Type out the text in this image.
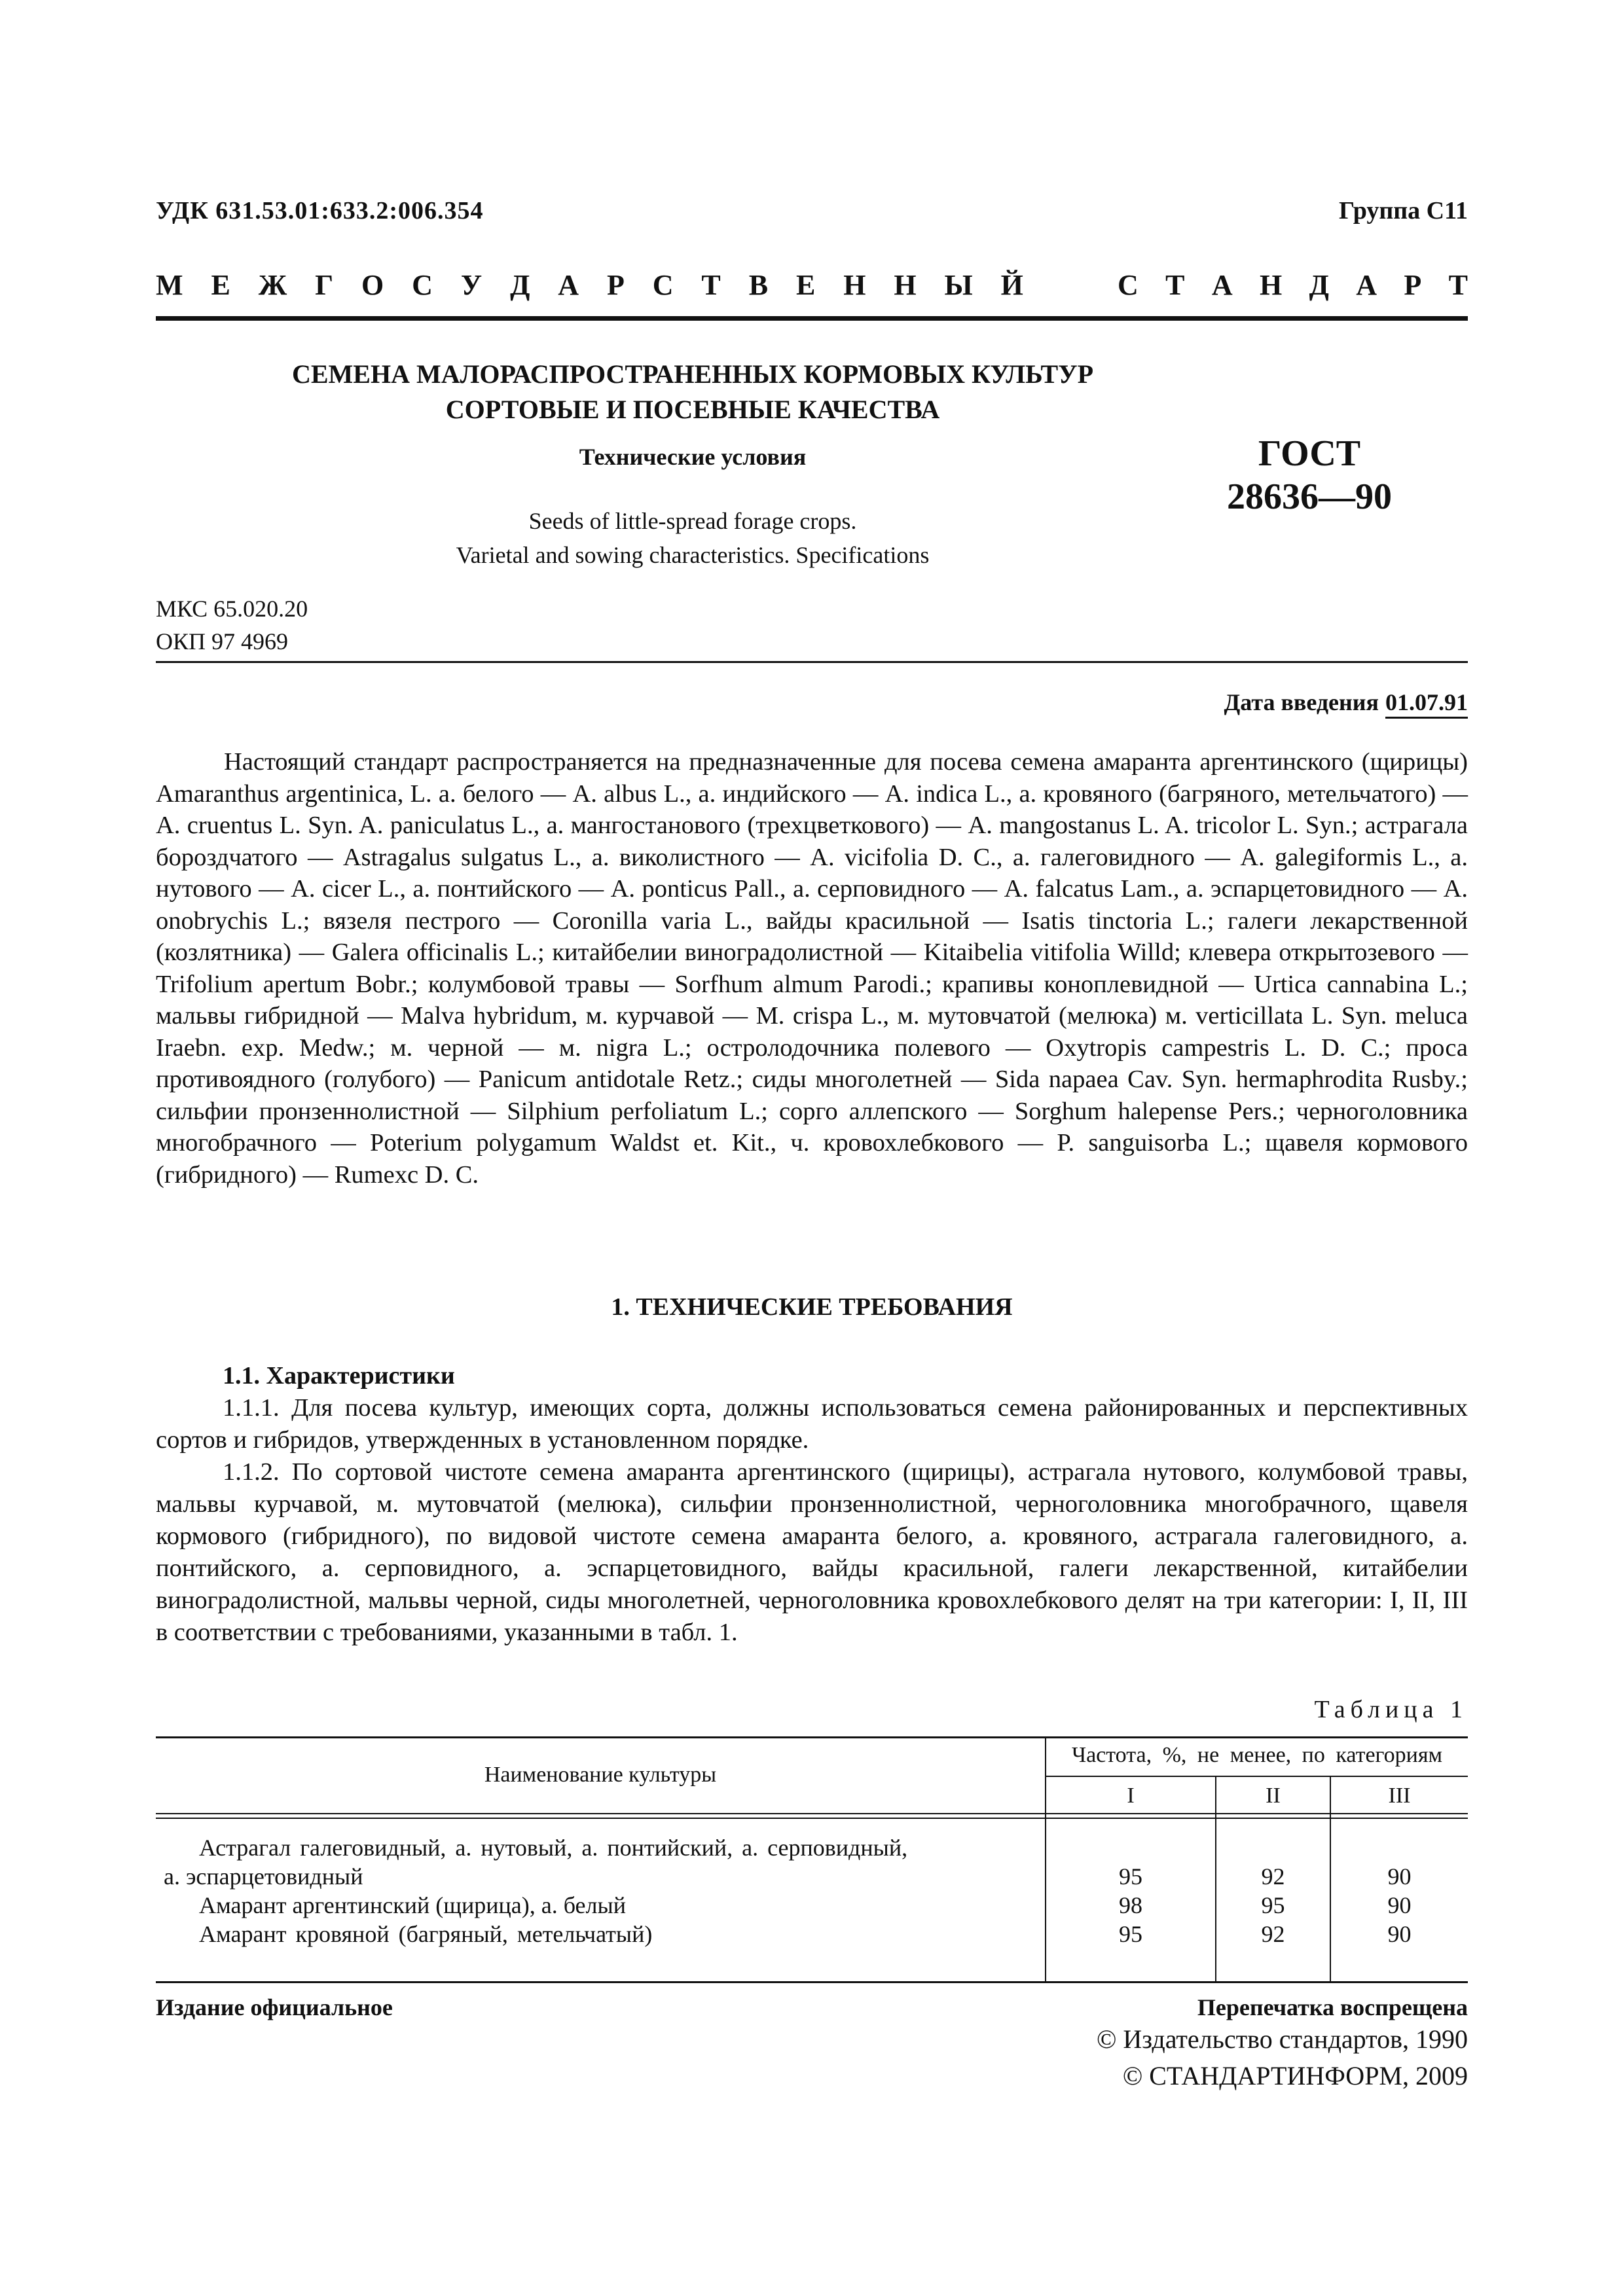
УДК 631.53.01:633.2:006.354	Группа С11
М Е Ж Г О С У Д А Р С Т В Е Н Н Ы Й	С Т А Н Д А Р Т
СЕМЕНА МАЛОРАСПРОСТРАНЕННЫХ КОРМОВЫХ КУЛЬТУР
СОРТОВЫЕ И ПОСЕВНЫЕ КАЧЕСТВА
Технические условия
Seeds of little-spread forage crops.
Varietal and sowing characteristics. Specifications
ГОСТ
28636—90
МКС 65.020.20
ОКП 97 4969
Дата введения 01.07.91

Настоящий стандарт распространяется на предназначенные для посева семена амаранта аргентинского (щирицы) Amaranthus argentinica, L. a. белого — A. albus L., a. индийского — A. indica L., a. кровяного (багряного, метельчатого) — A. cruentus L. Syn. A. paniculatus L., a. мангостанового (трехцветкового) — A. mangostanus L. A. tricolor L. Syn.; астрагала бороздчатого — Astragalus sulgatus L., a. виколистного — A. vicifolia D. C., a. галеговидного — A. galegiformis L., a. нутового — A. cicer L., a. понтийского — A. ponticus Pall., a. серповидного — A. falcatus Lam., a. эспарцетовидного — A. onobrychis L.; вязеля пестрого — Coronilla varia L., вайды красильной — Isatis tinctoria L.; галеги лекарственной (козлятника) — Galera officinalis L.; китайбелии виноградолистной — Kitaibelia vitifolia Willd; клевера открытозевого — Trifolium apertum Bobr.; колумбовой травы — Sorfhum almum Parodi.; крапивы коноплевидной — Urtica cannabina L.; мальвы гибридной — Malva hybridum, м. курчавой — M. crispa L., м. мутовчатой (мелюка) м. verticillata L. Syn. meluca Iraebn. exp. Medw.; м. черной — м. nigra L.; остролодочника полевого — Oxytropis campestris L. D. C.; проса противоядного (голубого) — Panicum antidotale Retz.; сиды многолетней — Sida napaea Cav. Syn. hermaphrodita Rusby.; сильфии пронзеннолистной — Silphium perfoliatum L.; сорго аллепского — Sorghum halepense Pers.; черноголовника многобрачного — Poterium polygamum Waldst et. Kit., ч. кровохлебкового — P. sanguisorba L.; щавеля кормового (гибридного) — Rumexc D. C.

1. ТЕХНИЧЕСКИЕ ТРЕБОВАНИЯ
1.1. Характеристики

1.1.1. Для посева культур, имеющих сорта, должны использоваться семена районированных и перспективных сортов и гибридов, утвержденных в установленном порядке.

1.1.2. По сортовой чистоте семена амаранта аргентинского (щирицы), астрагала нутового, колумбовой травы, мальвы курчавой, м. мутовчатой (мелюка), сильфии пронзеннолистной, черноголовника многобрачного, щавеля кормового (гибридного), по видовой чистоте семена амаранта белого, а. кровяного, астрагала галеговидного, а. понтийского, а. серповидного, а. эспарцетовидного, вайды красильной, галеги лекарственной, китайбелии виноградолистной, мальвы черной, сиды многолетней, черноголовника кровохлебкового делят на три категории: I, II, III в соответствии с требованиями, указанными в табл. 1.

Таблица 1
Наименование культуры
Частота, %, не менее, по категориям
I	II	III
Астрагал галеговидный, а. нутовый, а. понтийский, а. серповидный,
а. эспарцетовидный	95	92	90
Амарант аргентинский (щирица), а. белый	98	95	90
Амарант кровяной (багряный, метельчатый)	95	92	90
Издание официальное	Перепечатка воспрещена
© Издательство стандартов, 1990
© СТАНДАРТИНФОРМ, 2009
